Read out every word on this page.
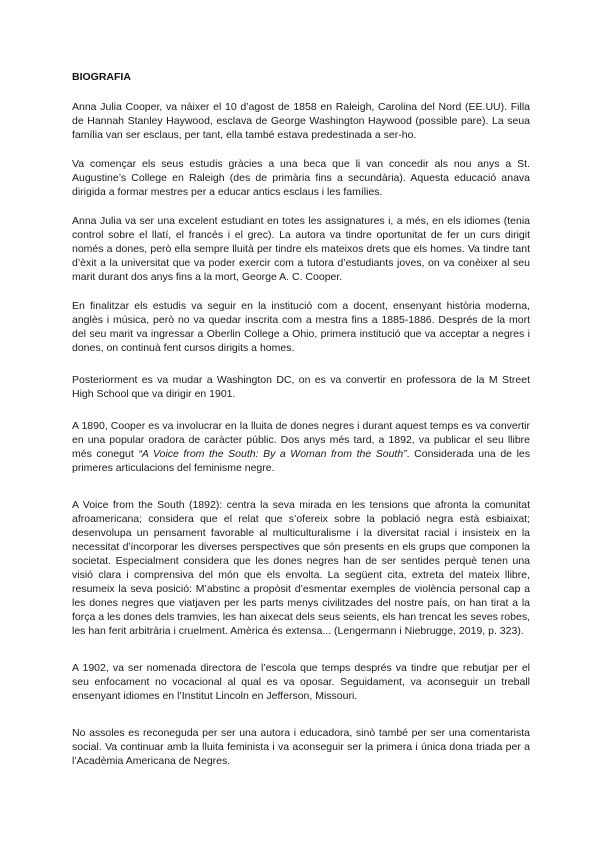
BIOGRAFIA

Anna Julia Cooper, va nàixer el 10 d’agost de 1858 en Raleigh, Carolina del Nord (EE.UU). Filla de Hannah Stanley Haywood, esclava de George Washington Haywood (possible pare). La seua família van ser esclaus, per tant, ella també estava predestinada a ser-ho.

Va començar els seus estudis gràcies a una beca que li van concedir als nou anys a St. Augustine’s College en Raleigh (des de primària fins a secundària). Aquesta educació anava dirigida a formar mestres per a educar antics esclaus i les famílies.

Anna Julia va ser una excelent estudiant en totes les assignatures i, a més, en els idiomes (tenia control sobre el llatí, el francés i el grec). La autora va tindre oportunitat de fer un curs dirigit només a dones, però ella sempre lluità per tindre els mateixos drets que els homes. Va tindre tant d’èxit a la universitat que va poder exercir com a tutora d’estudiants joves, on va conèixer al seu marit durant dos anys fins a la mort, George A. C. Cooper.

En finalitzar els estudis va seguir en la institució com a docent, ensenyant història moderna, anglès i música, però no va quedar inscrita com a mestra fins a 1885-1886. Després de la mort del seu marit va ingressar a Oberlin College a Ohio, primera institució que va acceptar a negres i dones, on continuà fent cursos dirigits a homes.

Posteriorment es va mudar a Washington DC, on es va convertir en professora de la M Street High School que va dirigir en 1901.

A 1890, Cooper es va involucrar en la lluita de dones negres i durant aquest temps es va convertir en una popular oradora de caràcter públic. Dos anys més tard, a 1892, va publicar el seu llibre més conegut “A Voice from the South: By a Woman from the South”. Considerada una de les primeres articulacions del feminisme negre.

A Voice from the South (1892): centra la seva mirada en les tensions que afronta la comunitat afroamericana; considera que el relat que s’ofereix sobre la població negra està esbiaixat; desenvolupa un pensament favorable al multiculturalisme i la diversitat racial i insisteix en la necessitat d’incorporar les diverses perspectives que són presents en els grups que componen la societat. Especialment considera que les dones negres han de ser sentides perquè tenen una visió clara i comprensiva del món que els envolta. La següent cita, extreta del mateix llibre, resumeix la seva posició: M’abstinc a propòsit d’esmentar exemples de violència personal cap a les dones negres que viatjaven per les parts menys civilitzades del nostre país, on han tirat a la força a les dones dels tramvies, les han aixecat dels seus seients, els han trencat les seves robes, les han ferit arbitrària i cruelment. Amèrica és extensa... (Lengermann i Niebrugge, 2019, p. 323).

A 1902, va ser nomenada directora de l’escola que temps després va tindre que rebutjar per el seu enfocament no vocacional al qual es va oposar. Seguidament, va aconseguir un treball ensenyant idiomes en l’Institut Lincoln en Jefferson, Missouri.

No assoles es reconeguda per ser una autora i educadora, sinò també per ser una comentarista social. Va continuar amb la lluita feminista i va aconseguir ser la primera i única dona triada per a l’Acadèmia Americana de Negres.
